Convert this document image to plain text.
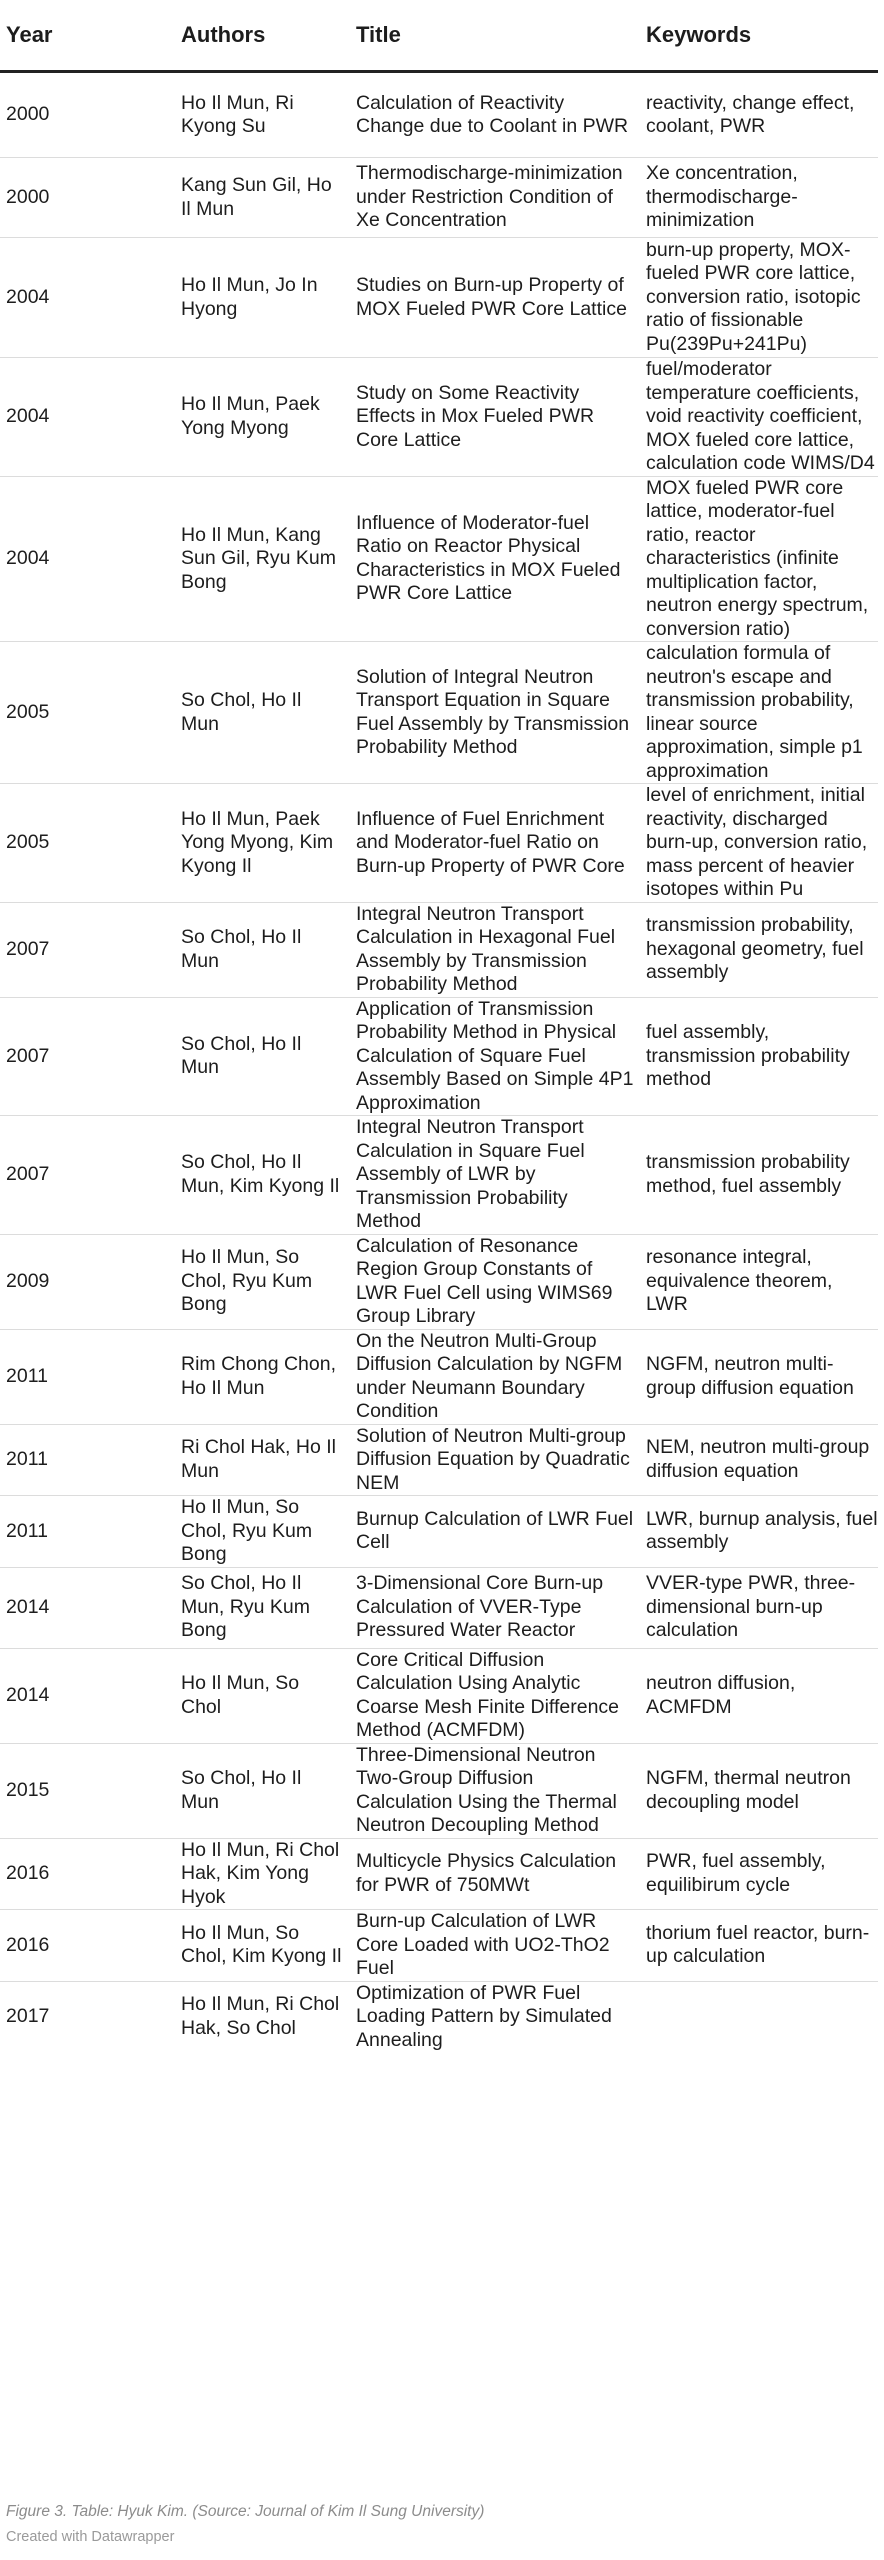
Year	Authors	Title	Keywords
2000	Ho Il Mun, Ri Kyong Su	Calculation of Reactivity Change due to Coolant in PWR	reactivity, change effect, coolant, PWR
2000	Kang Sun Gil, Ho Il Mun	Thermodischarge-minimization under Restriction Condition of Xe Concentration	Xe concentration, thermodischarge-minimization
2004	Ho Il Mun, Jo In Hyong	Studies on Burn-up Property of MOX Fueled PWR Core Lattice	burn-up property, MOX-fueled PWR core lattice, conversion ratio, isotopic ratio of fissionable Pu(239Pu+241Pu)
2004	Ho Il Mun, Paek Yong Myong	Study on Some Reactivity Effects in Mox Fueled PWR Core Lattice	fuel/moderator temperature coefficients, void reactivity coefficient, MOX fueled core lattice, calculation code WIMS/D4
2004	Ho Il Mun, Kang Sun Gil, Ryu Kum Bong	Influence of Moderator-fuel Ratio on Reactor Physical Characteristics in MOX Fueled PWR Core Lattice	MOX fueled PWR core lattice, moderator-fuel ratio, reactor characteristics (infinite multiplication factor, neutron energy spectrum, conversion ratio)
2005	So Chol, Ho Il Mun	Solution of Integral Neutron Transport Equation in Square Fuel Assembly by Transmission Probability Method	calculation formula of neutron's escape and transmission probability, linear source approximation, simple p1 approximation
2005	Ho Il Mun, Paek Yong Myong, Kim Kyong Il	Influence of Fuel Enrichment and Moderator-fuel Ratio on Burn-up Property of PWR Core	level of enrichment, initial reactivity, discharged burn-up, conversion ratio, mass percent of heavier isotopes within Pu
2007	So Chol, Ho Il Mun	Integral Neutron Transport Calculation in Hexagonal Fuel Assembly by Transmission Probability Method	transmission probability, hexagonal geometry, fuel assembly
2007	So Chol, Ho Il Mun	Application of Transmission Probability Method in Physical Calculation of Square Fuel Assembly Based on Simple 4P1 Approximation	fuel assembly, transmission probability method
2007	So Chol, Ho Il Mun, Kim Kyong Il	Integral Neutron Transport Calculation in Square Fuel Assembly of LWR by Transmission Probability Method	transmission probability method, fuel assembly
2009	Ho Il Mun, So Chol, Ryu Kum Bong	Calculation of Resonance Region Group Constants of LWR Fuel Cell using WIMS69 Group Library	resonance integral, equivalence theorem, LWR
2011	Rim Chong Chon, Ho Il Mun	On the Neutron Multi-Group Diffusion Calculation by NGFM under Neumann Boundary Condition	NGFM, neutron multi-group diffusion equation
2011	Ri Chol Hak, Ho Il Mun	Solution of Neutron Multi-group Diffusion Equation by Quadratic NEM	NEM, neutron multi-group diffusion equation
2011	Ho Il Mun, So Chol, Ryu Kum Bong	Burnup Calculation of LWR Fuel Cell	LWR, burnup analysis, fuel assembly
2014	So Chol, Ho Il Mun, Ryu Kum Bong	3-Dimensional Core Burn-up Calculation of VVER-Type Pressured Water Reactor	VVER-type PWR, three-dimensional burn-up calculation
2014	Ho Il Mun, So Chol	Core Critical Diffusion Calculation Using Analytic Coarse Mesh Finite Difference Method (ACMFDM)	neutron diffusion, ACMFDM
2015	So Chol, Ho Il Mun	Three-Dimensional Neutron Two-Group Diffusion Calculation Using the Thermal Neutron Decoupling Method	NGFM, thermal neutron decoupling model
2016	Ho Il Mun, Ri Chol Hak, Kim Yong Hyok	Multicycle Physics Calculation for PWR of 750MWt	PWR, fuel assembly, equilibirum cycle
2016	Ho Il Mun, So Chol, Kim Kyong Il	Burn-up Calculation of LWR Core Loaded with UO2-ThO2 Fuel	thorium fuel reactor, burn-up calculation
2017	Ho Il Mun, Ri Chol Hak, So Chol	Optimization of PWR Fuel Loading Pattern by Simulated Annealing	
Figure 3. Table: Hyuk Kim. (Source: Journal of Kim Il Sung University)
Created with Datawrapper
